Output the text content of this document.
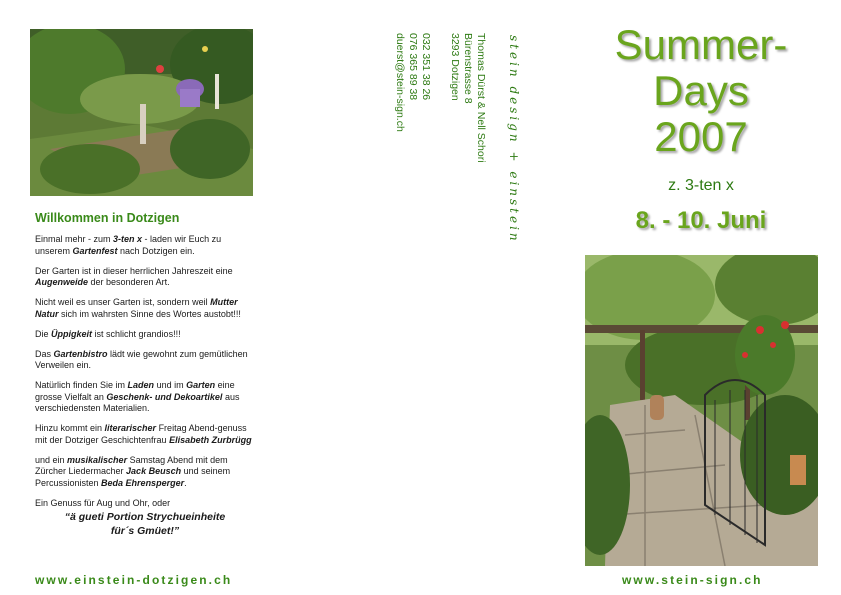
Willkommen in Dotzigen

Einmal mehr - zum 3-ten x - laden wir Euch zu unserem Gartenfest nach Dotzigen ein.

Der Garten ist in dieser herrlichen Jahreszeit eine Augenweide der besonderen Art.

Nicht weil es unser Garten ist, sondern weil Mutter Natur sich im wahrsten Sinne des Wortes austobt!!!

Die Üppigkeit ist schlicht grandios!!!

Das Gartenbistro lädt wie gewohnt zum gemütlichen Verweilen ein.

Natürlich finden Sie im Laden und im Garten eine grosse Vielfalt an Geschenk- und Dekoartikel aus verschiedensten Materialien.

Hinzu kommt ein literarischer Freitag Abend-genuss mit der Dotziger Geschichtenfrau Elisabeth Zurbrügg

und ein musikalischer Samstag Abend mit dem Zürcher Liedermacher Jack Beusch und seinem Percussionisten Beda Ehrensperger.

Ein Genuss für Aug und Ohr, oder

“ä gueti Portion Strychueinheite
für´s Gmüet!”
www.einstein-dotzigen.ch
stein design + einstein
Thomas Dürst & Nell Schori
Bürenstrasse 8
3293 Dotzigen
032 351 38 26
076 365 89 38
duerst@stein-sign.ch	Summer-
Days
2007
z. 3-ten x
8. - 10. Juni
www.stein-sign.ch
